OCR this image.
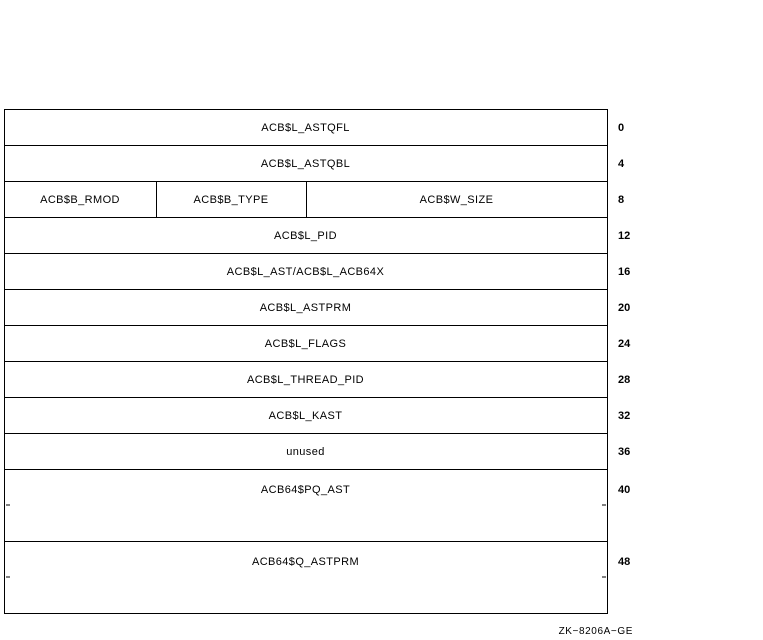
ACB$L_ASTQFL	0
ACB$L_ASTQBL	4
ACB$B_RMOD	ACB$B_TYPE	ACB$W_SIZE	8
ACB$L_PID	12
ACB$L_AST/ACB$L_ACB64X	16
ACB$L_ASTPRM	20
ACB$L_FLAGS	24
ACB$L_THREAD_PID	28
ACB$L_KAST	32
unused	36
ACB64$PQ_AST	40
ACB64$Q_ASTPRM	48
ZK−8206A−GE
